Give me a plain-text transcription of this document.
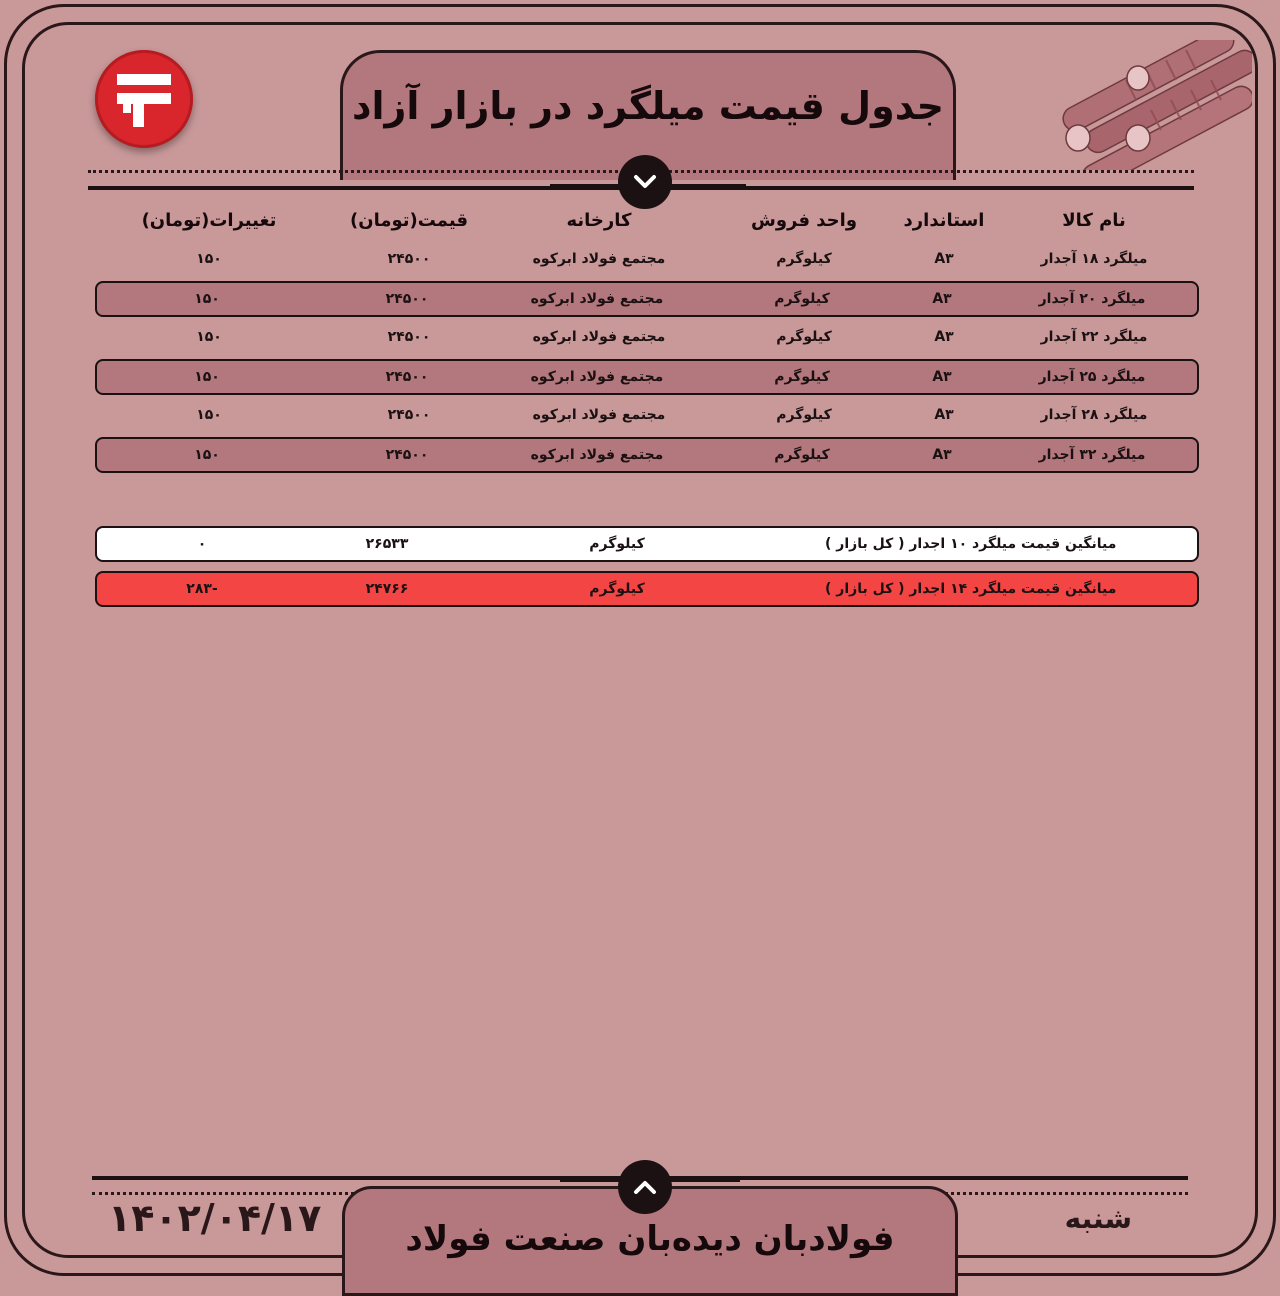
جدول قیمت میلگرد در بازار آزاد
نام کالا
استاندارد
واحد فروش
کارخانه
قیمت(تومان)
تغییرات(تومان)
میلگرد ۱۸ آجدار
A۳
کیلوگرم
مجتمع فولاد ابرکوه
۲۴۵۰۰
۱۵۰
میلگرد ۲۰ آجدار
A۳
کیلوگرم
مجتمع فولاد ابرکوه
۲۴۵۰۰
۱۵۰
میلگرد ۲۲ آجدار
A۳
کیلوگرم
مجتمع فولاد ابرکوه
۲۴۵۰۰
۱۵۰
میلگرد ۲۵ آجدار
A۳
کیلوگرم
مجتمع فولاد ابرکوه
۲۴۵۰۰
۱۵۰
میلگرد ۲۸ آجدار
A۳
کیلوگرم
مجتمع فولاد ابرکوه
۲۴۵۰۰
۱۵۰
میلگرد ۳۲ آجدار
A۳
کیلوگرم
مجتمع فولاد ابرکوه
۲۴۵۰۰
۱۵۰
میانگین قیمت میلگرد ۱۰ اجدار ( کل بازار )
کیلوگرم
۲۶۵۳۳
۰
میانگین قیمت میلگرد ۱۴ اجدار ( کل بازار )
کیلوگرم
۲۴۷۶۶
-۲۸۳
فولادبان دیده‌بان صنعت فولاد
۱۴۰۲/۰۴/۱۷	شنبه
